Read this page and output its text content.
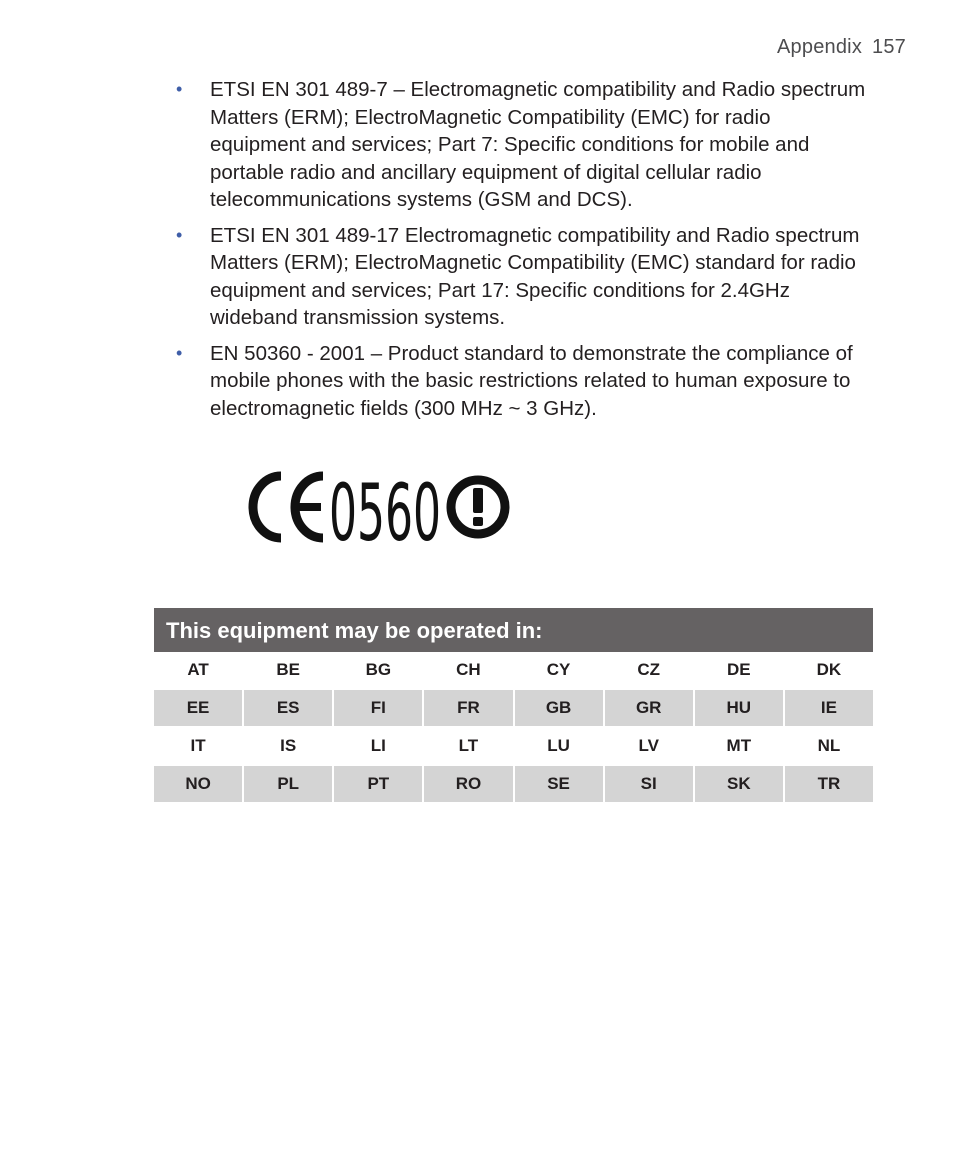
Appendix 157
• ETSI EN 301 489-7 – Electromagnetic compatibility and Radio spectrum Matters (ERM); ElectroMagnetic Compatibility (EMC) for radio equipment and services; Part 7: Specific conditions for mobile and portable radio and ancillary equipment of digital cellular radio telecommunications systems (GSM and DCS).
• ETSI EN 301 489-17 Electromagnetic compatibility and Radio spectrum Matters (ERM); ElectroMagnetic Compatibility (EMC) standard for radio equipment and services; Part 17: Specific conditions for 2.4GHz wideband transmission systems.
• EN 50360 - 2001 – Product standard to demonstrate the compliance of mobile phones with the basic restrictions related to human exposure to electromagnetic fields (300 MHz ~ 3 GHz).
0560
This equipment may be operated in:
AT	BE	BG	CH	CY	CZ	DE	DK
EE	ES	FI	FR	GB	GR	HU	IE
IT	IS	LI	LT	LU	LV	MT	NL
NO	PL	PT	RO	SE	SI	SK	TR
